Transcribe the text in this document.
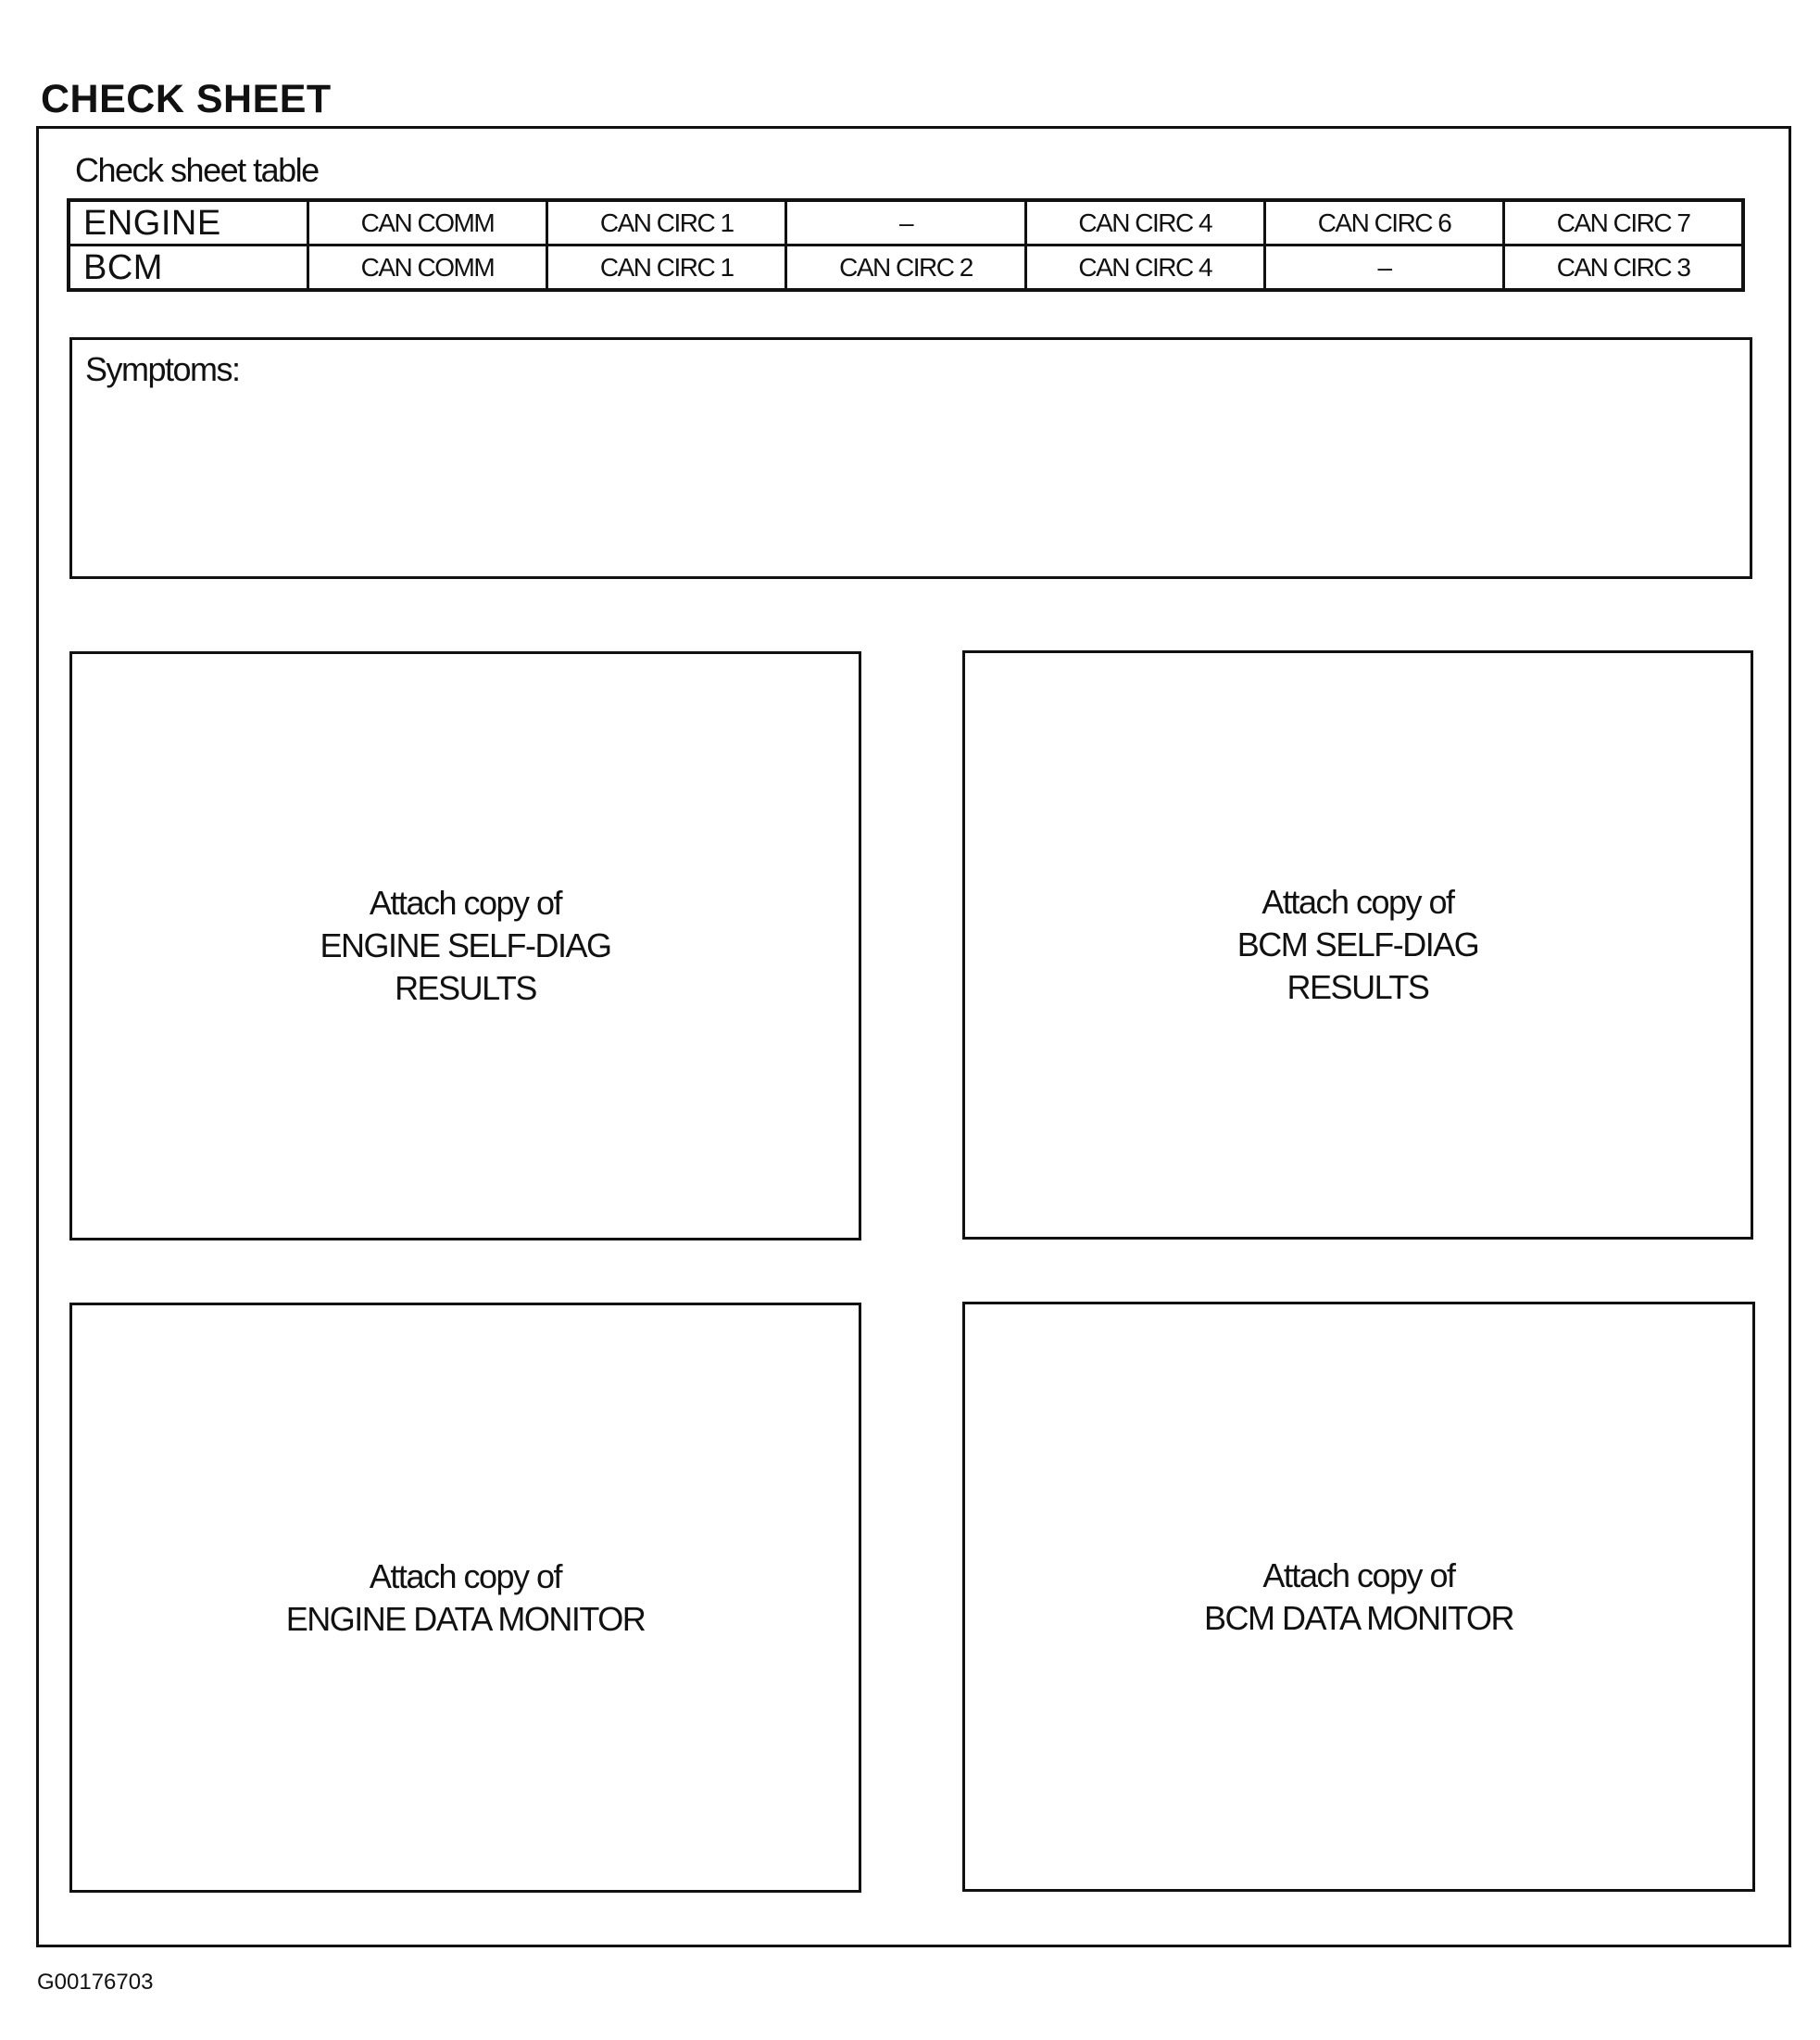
CHECK SHEET
Check sheet table
ENGINE	CAN COMM	CAN CIRC 1	–	CAN CIRC 4	CAN CIRC 6	CAN CIRC 7
BCM	CAN COMM	CAN CIRC 1	CAN CIRC 2	CAN CIRC 4	–	CAN CIRC 3
Symptoms:
Attach copy of
ENGINE SELF-DIAG
RESULTS
Attach copy of
BCM SELF-DIAG
RESULTS
Attach copy of
ENGINE DATA MONITOR
Attach copy of
BCM DATA MONITOR
G00176703
